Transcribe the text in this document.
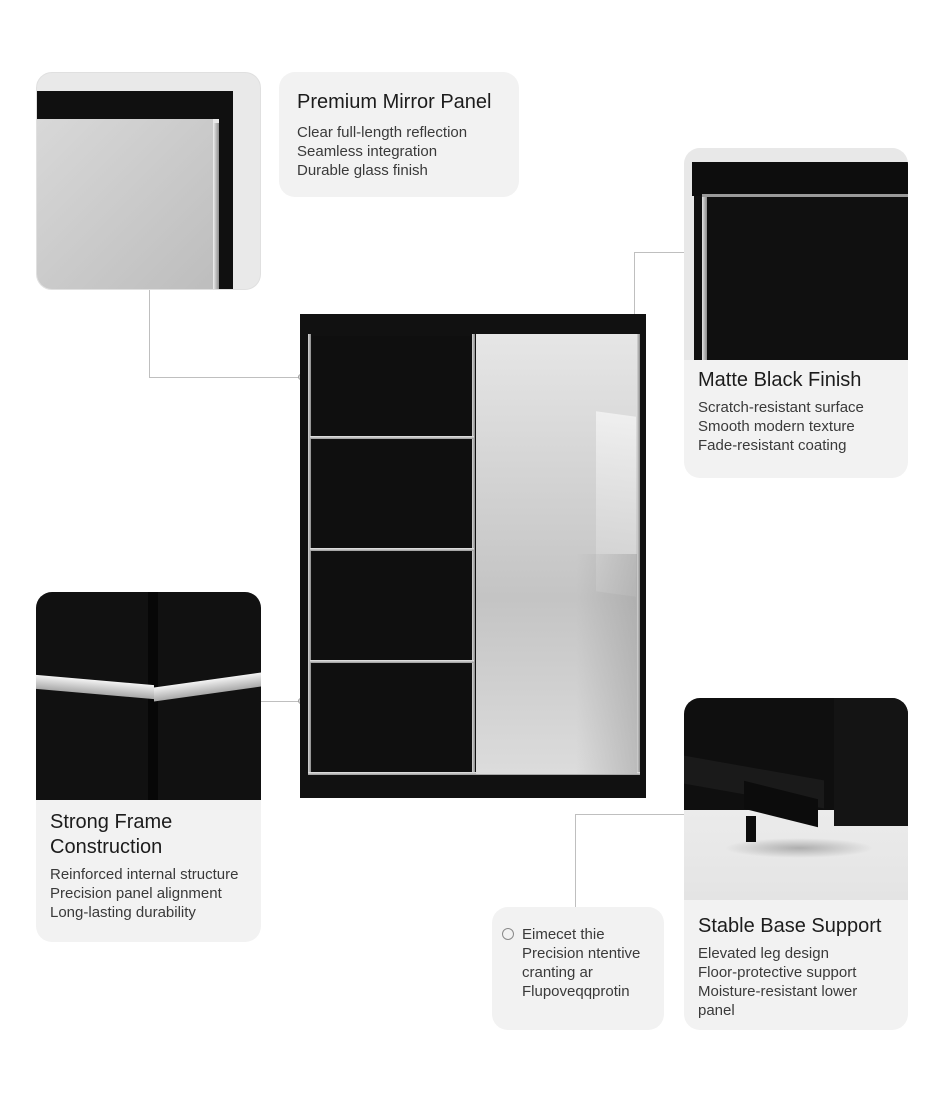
Premium Mirror Panel

Clear full-length reflection

Seamless integration

Durable glass finish

Matte Black Finish

Scratch-resistant surface

Smooth modern texture

Fade-resistant coating

Strong Frame
Construction

Reinforced internal structure

Precision panel alignment

Long-lasting durability

Eimecet thie

Precision ntentive

cranting ar

Flupoveqqprotin

Stable Base Support

Elevated leg design

Floor-protective support

Moisture-resistant lower

panel
